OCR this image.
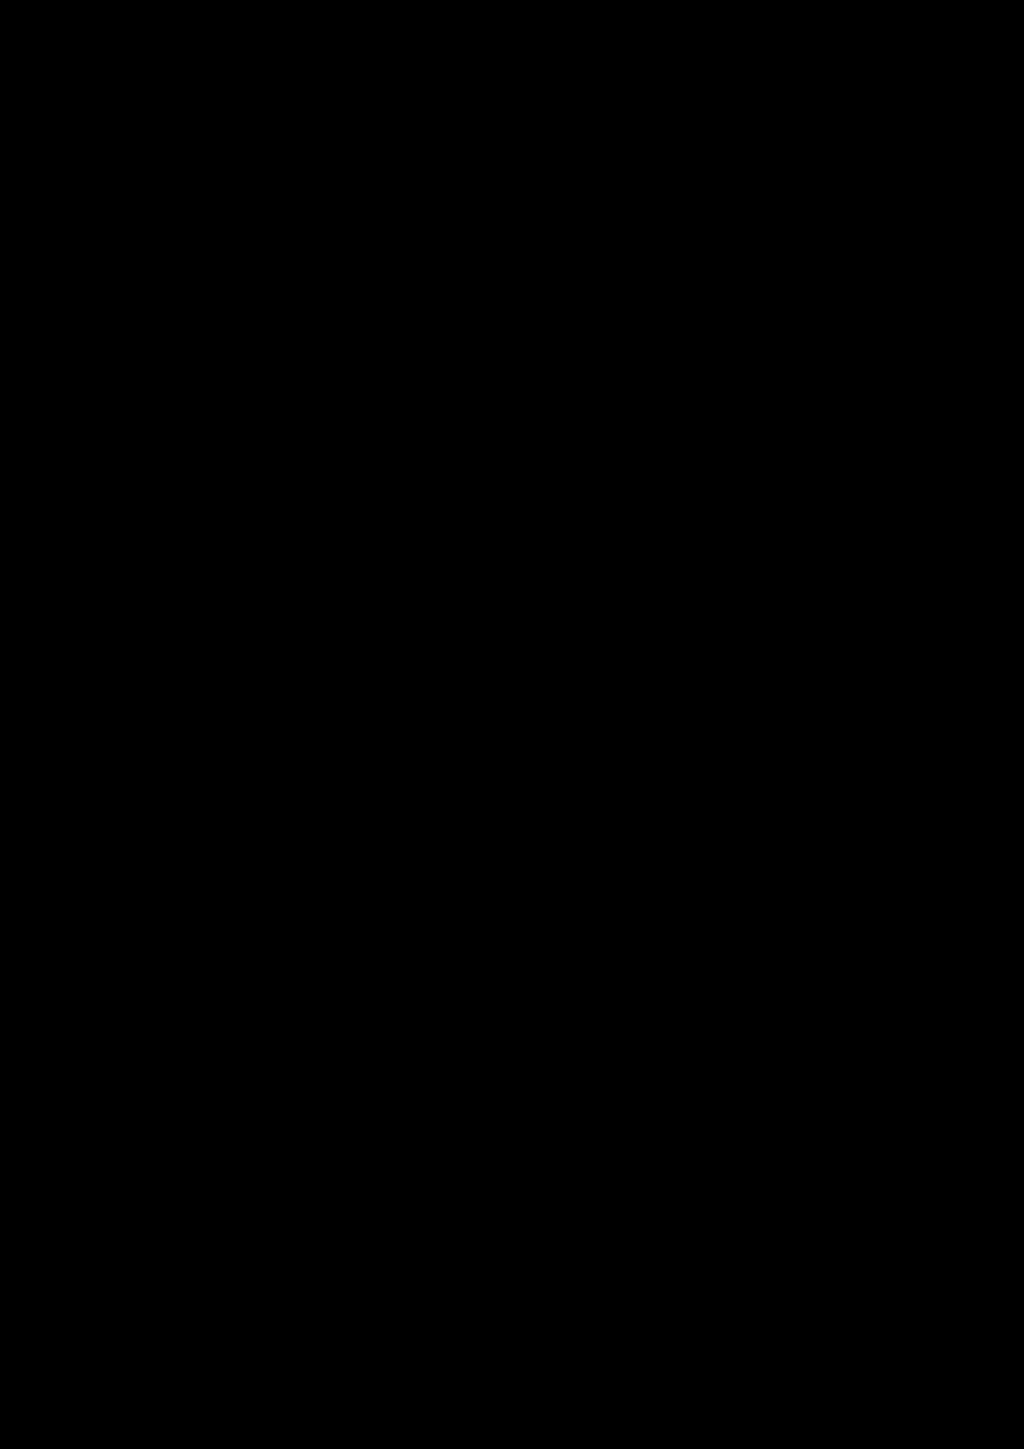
Załącznik do uchwały nr ....................
Rady Miasta Opola z dnia .................
Wniosek w sprawie zwolnienia z podatku od nieruchomości budynków,
w których wykonano remont elewacji
I.	Dane podatnika:
1. Imię i nazwisko/nazwa firmy:
2. Adres lub siedziba:
3. Numer NIP/PESEL:
W przypadku podmiotów gospodarczych:
4. Forma prawna przedsiębiorcy:
5. Numer identyfikacyjny REGON:
II.	Dane dotyczące remontu elewacji
1. Położenie budynku (dokładny adres wraz z numerem działki):
2. Zakres prac, związanych z remontem elewacji:
3. Termin zakończenia prac:
4. Wielkość nakładów przeznaczonych na remont elewacji:
5. Wielkość środków własnych przeznaczonych na remont elewacji:
6. Uwagi:
